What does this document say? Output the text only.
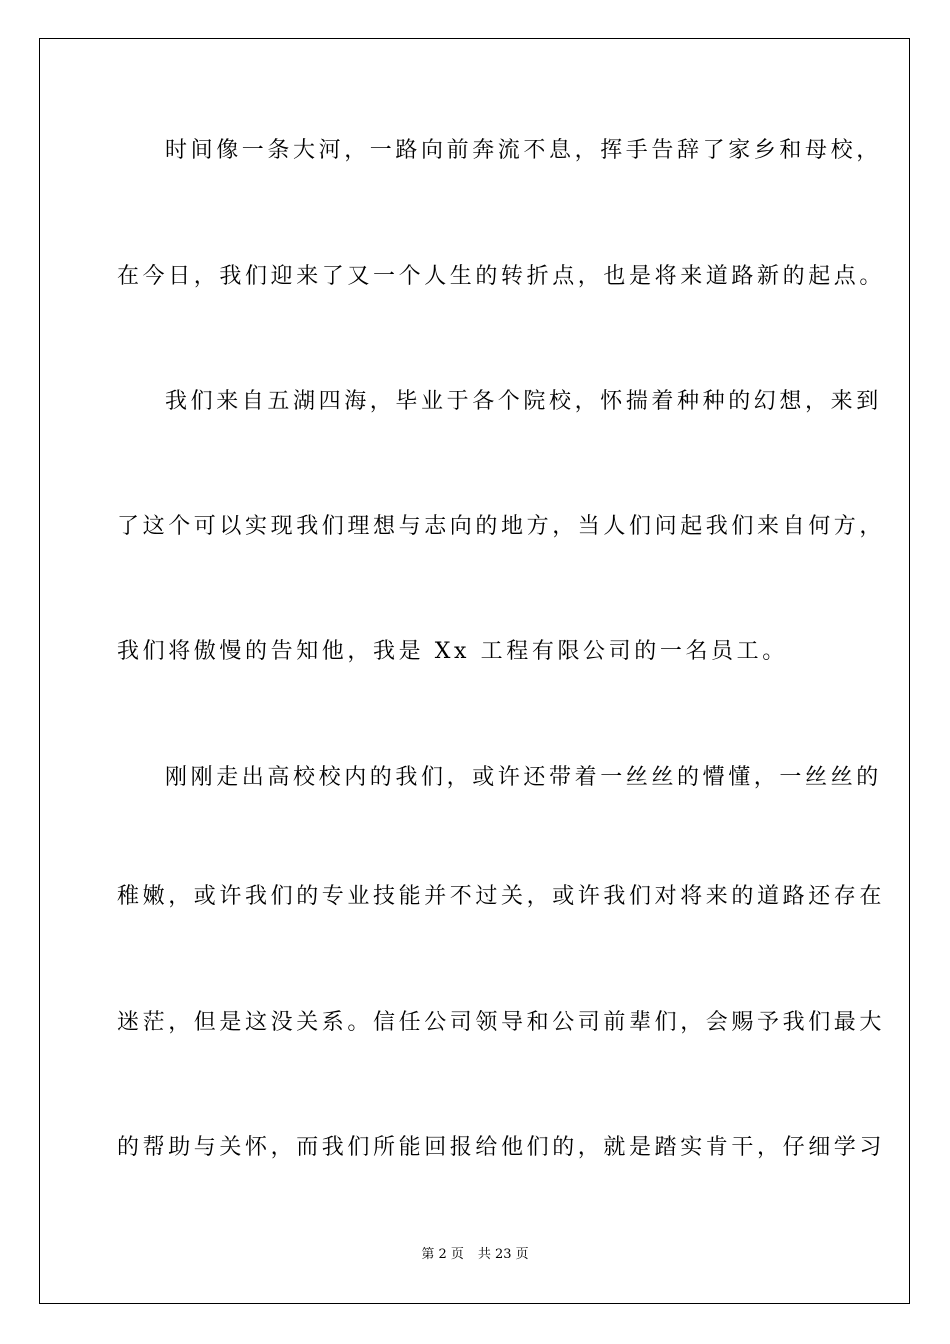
时间像一条大河，一路向前奔流不息，挥手告辞了家乡和母校，
在今日，我们迎来了又一个人生的转折点，也是将来道路新的起点。
我们来自五湖四海，毕业于各个院校，怀揣着种种的幻想，来到
了这个可以实现我们理想与志向的地方，当人们问起我们来自何方，
我们将傲慢的告知他，我是 Xx 工程有限公司的一名员工。
刚刚走出高校校内的我们，或许还带着一丝丝的懵懂，一丝丝的
稚嫩，或许我们的专业技能并不过关，或许我们对将来的道路还存在
迷茫，但是这没关系。信任公司领导和公司前辈们，会赐予我们最大
的帮助与关怀，而我们所能回报给他们的，就是踏实肯干，仔细学习
第 2 页 共 23 页
